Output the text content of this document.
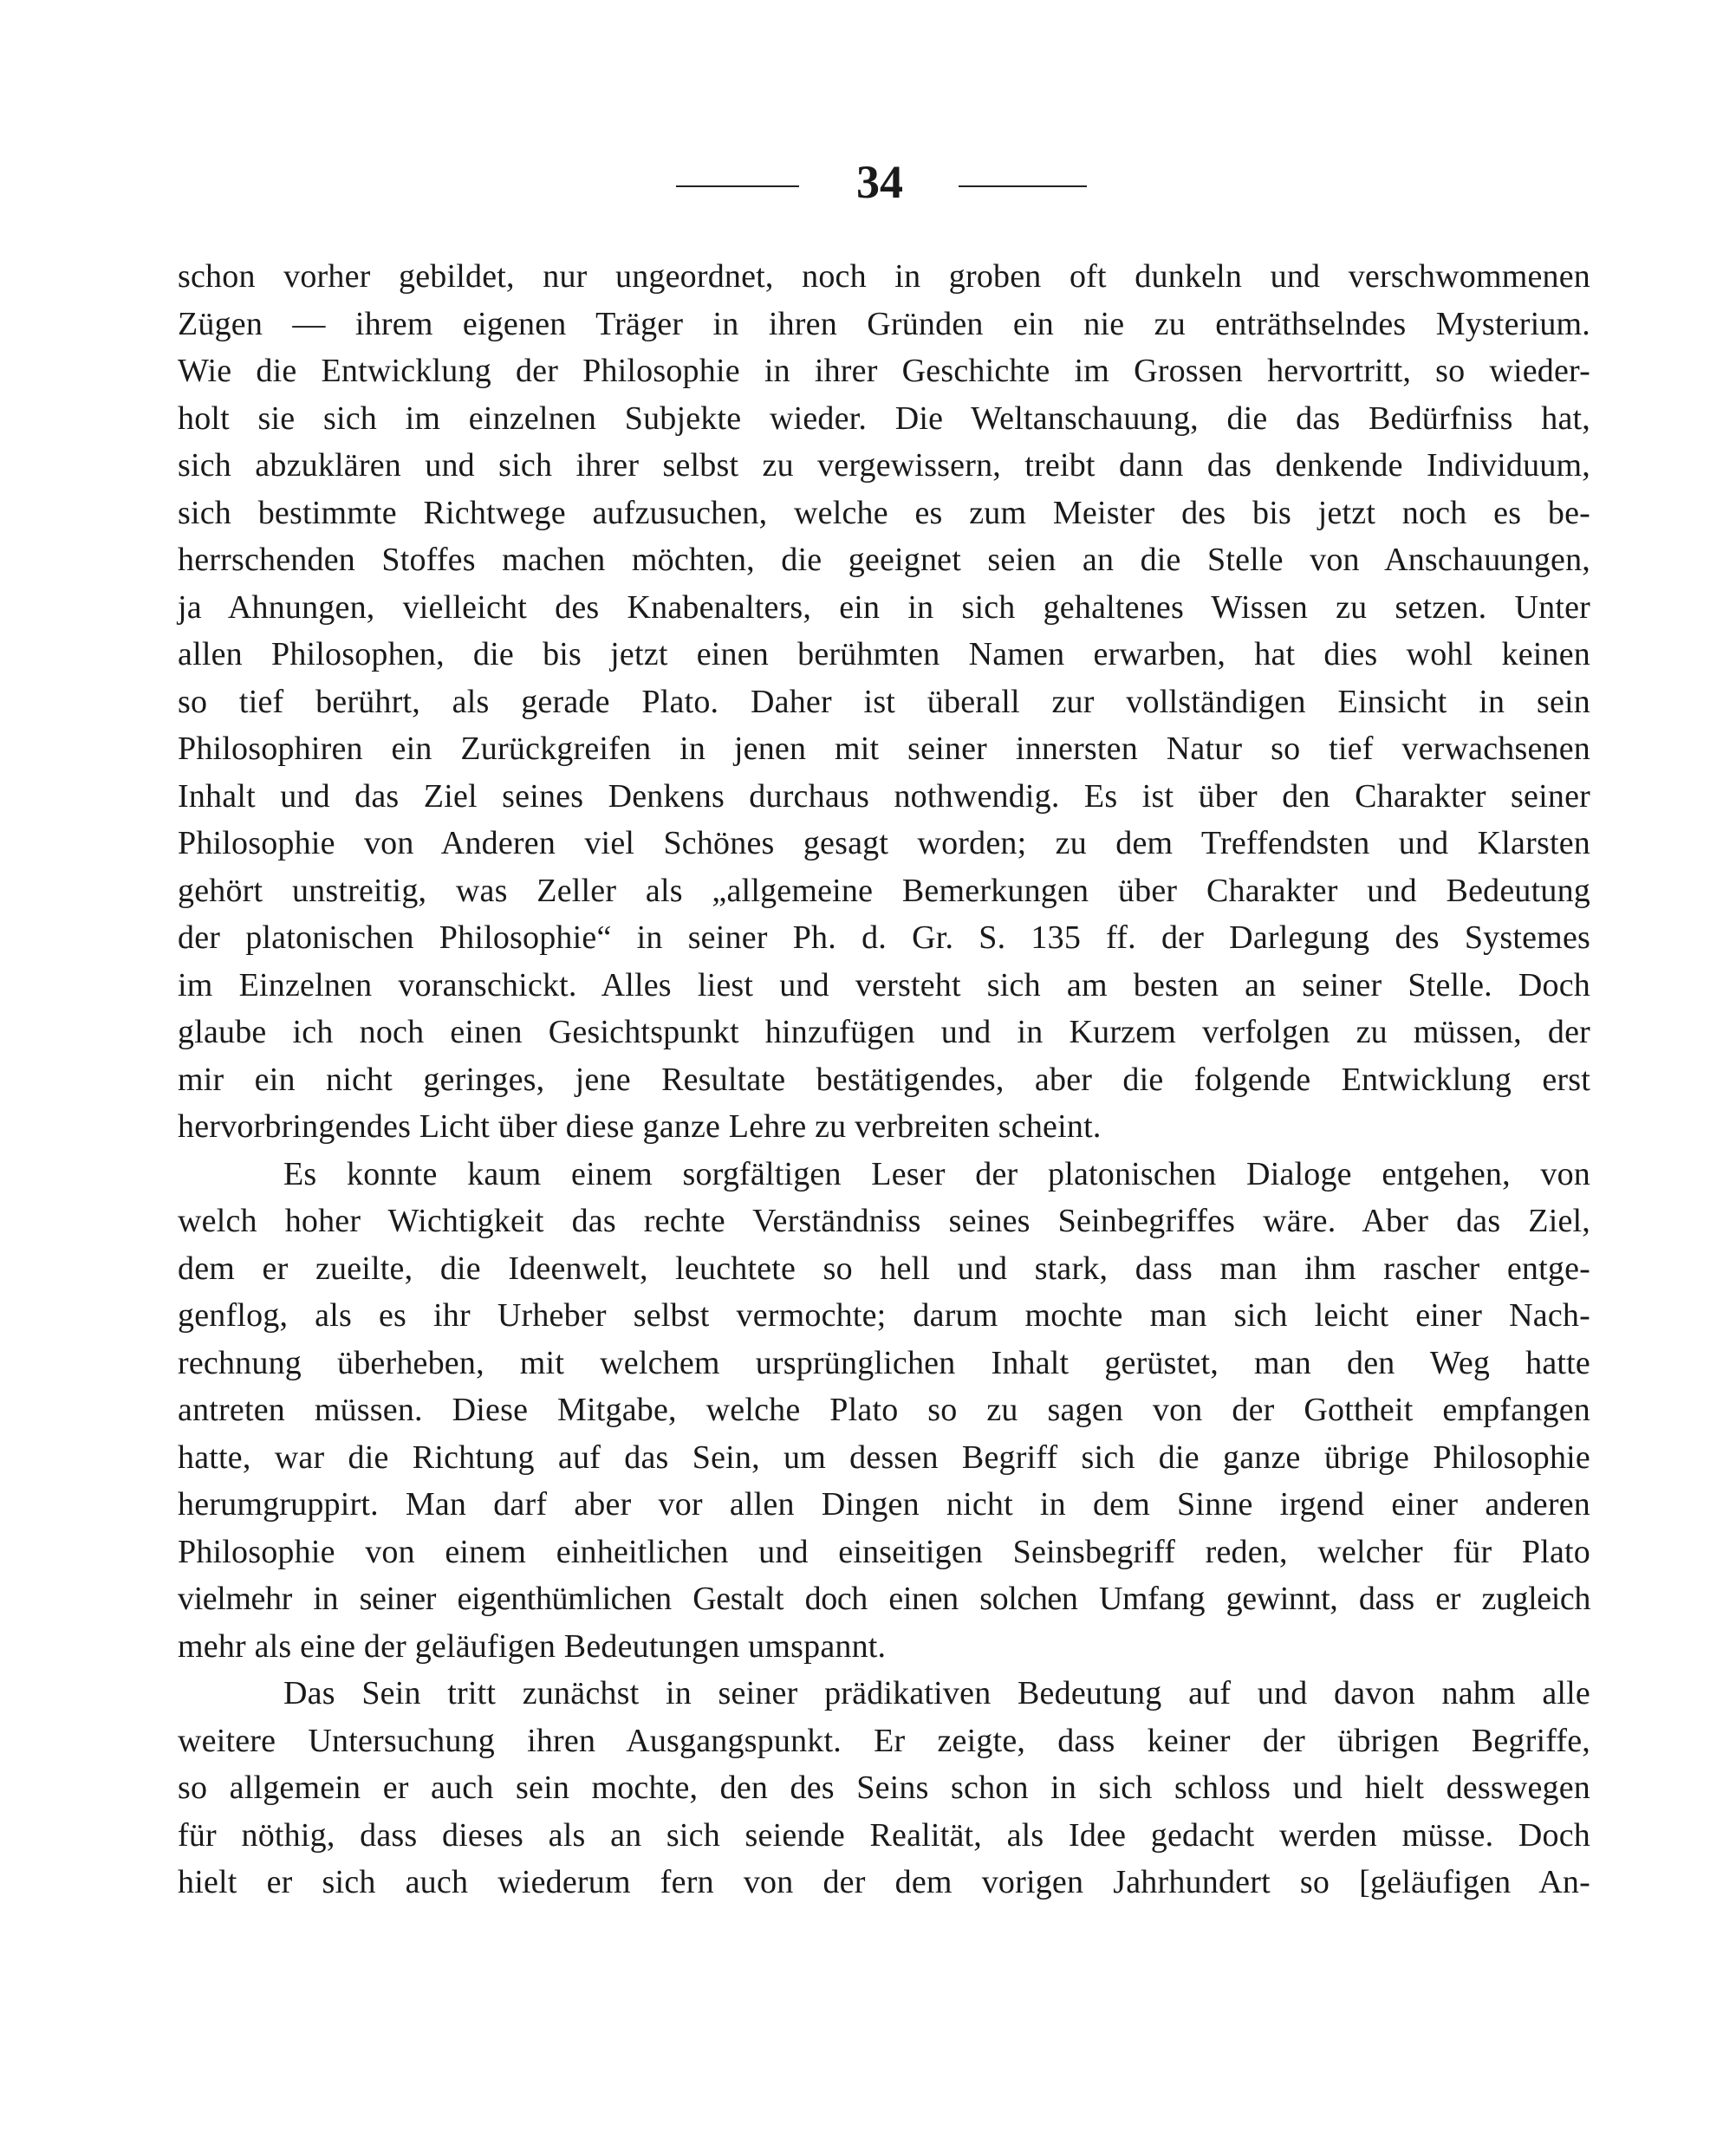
34
schon vorher gebildet, nur ungeordnet, noch in groben oft dunkeln und verschwommenen
Zügen — ihrem eigenen Träger in ihren Gründen ein nie zu enträthselndes Mysterium.
Wie die Entwicklung der Philosophie in ihrer Geschichte im Grossen hervortritt, so wieder-
holt sie sich im einzelnen Subjekte wieder. Die Weltanschauung, die das Bedürfniss hat,
sich abzuklären und sich ihrer selbst zu vergewissern, treibt dann das denkende Individuum,
sich bestimmte Richtwege aufzusuchen, welche es zum Meister des bis jetzt noch es be-
herrschenden Stoffes machen möchten, die geeignet seien an die Stelle von Anschauungen,
ja Ahnungen, vielleicht des Knabenalters, ein in sich gehaltenes Wissen zu setzen. Unter
allen Philosophen, die bis jetzt einen berühmten Namen erwarben, hat dies wohl keinen
so tief berührt, als gerade Plato. Daher ist überall zur vollständigen Einsicht in sein
Philosophiren ein Zurückgreifen in jenen mit seiner innersten Natur so tief verwachsenen
Inhalt und das Ziel seines Denkens durchaus nothwendig. Es ist über den Charakter seiner
Philosophie von Anderen viel Schönes gesagt worden; zu dem Treffendsten und Klarsten
gehört unstreitig, was Zeller als „allgemeine Bemerkungen über Charakter und Bedeutung
der platonischen Philosophie“ in seiner Ph. d. Gr. S. 135 ff. der Darlegung des Systemes
im Einzelnen voranschickt. Alles liest und versteht sich am besten an seiner Stelle. Doch
glaube ich noch einen Gesichtspunkt hinzufügen und in Kurzem verfolgen zu müssen, der
mir ein nicht geringes, jene Resultate bestätigendes, aber die folgende Entwicklung erst
hervorbringendes Licht über diese ganze Lehre zu verbreiten scheint.
Es konnte kaum einem sorgfältigen Leser der platonischen Dialoge entgehen, von
welch hoher Wichtigkeit das rechte Verständniss seines Seinbegriffes wäre. Aber das Ziel,
dem er zueilte, die Ideenwelt, leuchtete so hell und stark, dass man ihm rascher entge-
genflog, als es ihr Urheber selbst vermochte; darum mochte man sich leicht einer Nach-
rechnung überheben, mit welchem ursprünglichen Inhalt gerüstet, man den Weg hatte
antreten müssen. Diese Mitgabe, welche Plato so zu sagen von der Gottheit empfangen
hatte, war die Richtung auf das Sein, um dessen Begriff sich die ganze übrige Philosophie
herumgruppirt. Man darf aber vor allen Dingen nicht in dem Sinne irgend einer anderen
Philosophie von einem einheitlichen und einseitigen Seinsbegriff reden, welcher für Plato
vielmehr in seiner eigenthümlichen Gestalt doch einen solchen Umfang gewinnt, dass er zugleich
mehr als eine der geläufigen Bedeutungen umspannt.
Das Sein tritt zunächst in seiner prädikativen Bedeutung auf und davon nahm alle
weitere Untersuchung ihren Ausgangspunkt. Er zeigte, dass keiner der übrigen Begriffe,
so allgemein er auch sein mochte, den des Seins schon in sich schloss und hielt desswegen
für nöthig, dass dieses als an sich seiende Realität, als Idee gedacht werden müsse. Doch
hielt er sich auch wiederum fern von der dem vorigen Jahrhundert so [geläufigen An-
